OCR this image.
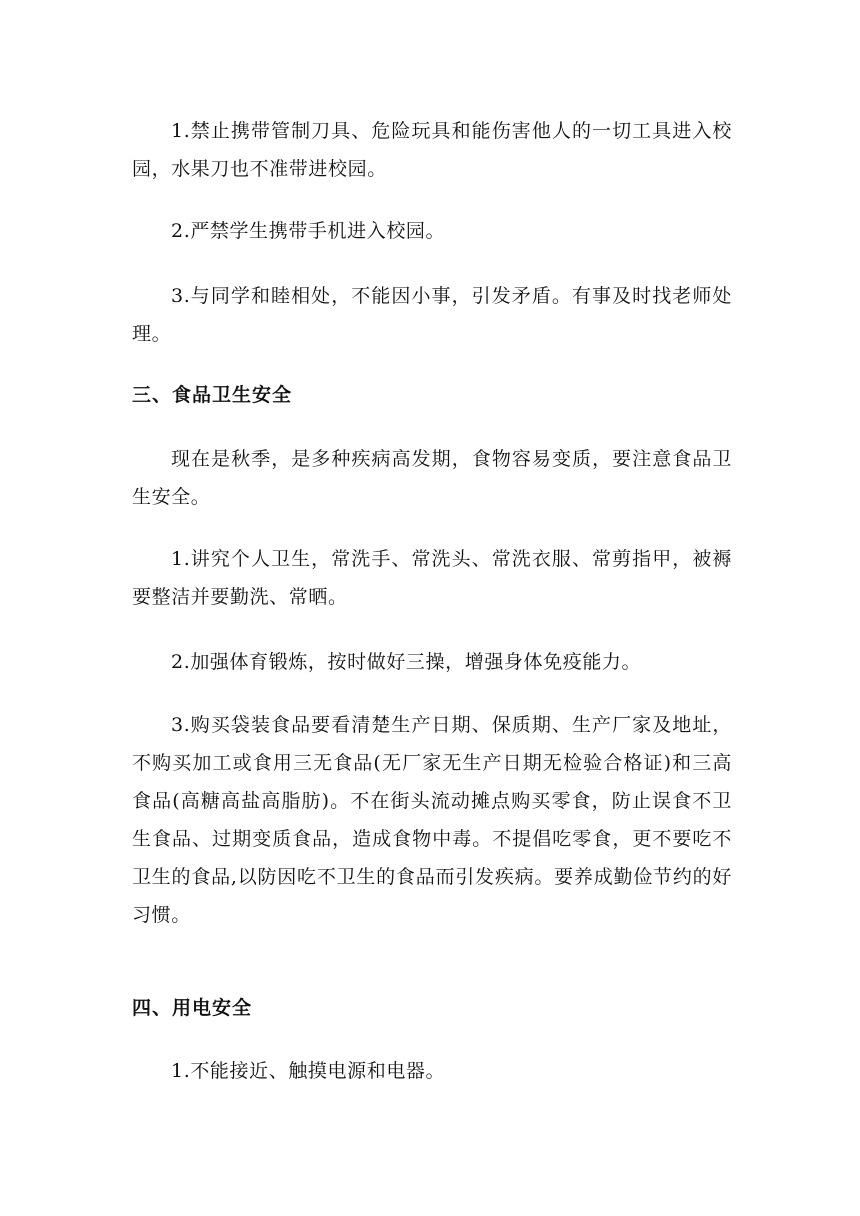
1.禁止携带管制刀具、危险玩具和能伤害他人的一切工具进入校园，水果刀也不准带进校园。

2.严禁学生携带手机进入校园。

3.与同学和睦相处，不能因小事，引发矛盾。有事及时找老师处理。

三、食品卫生安全

现在是秋季，是多种疾病高发期，食物容易变质，要注意食品卫生安全。

1.讲究个人卫生，常洗手、常洗头、常洗衣服、常剪指甲，被褥要整洁并要勤洗、常晒。

2.加强体育锻炼，按时做好三操，增强身体免疫能力。

3.购买袋装食品要看清楚生产日期、保质期、生产厂家及地址，不购买加工或食用三无食品(无厂家无生产日期无检验合格证)和三高食品(高糖高盐高脂肪)。不在街头流动摊点购买零食，防止误食不卫生食品、过期变质食品，造成食物中毒。不提倡吃零食，更不要吃不卫生的食品,以防因吃不卫生的食品而引发疾病。要养成勤俭节约的好习惯。

四、用电安全

1.不能接近、触摸电源和电器。
